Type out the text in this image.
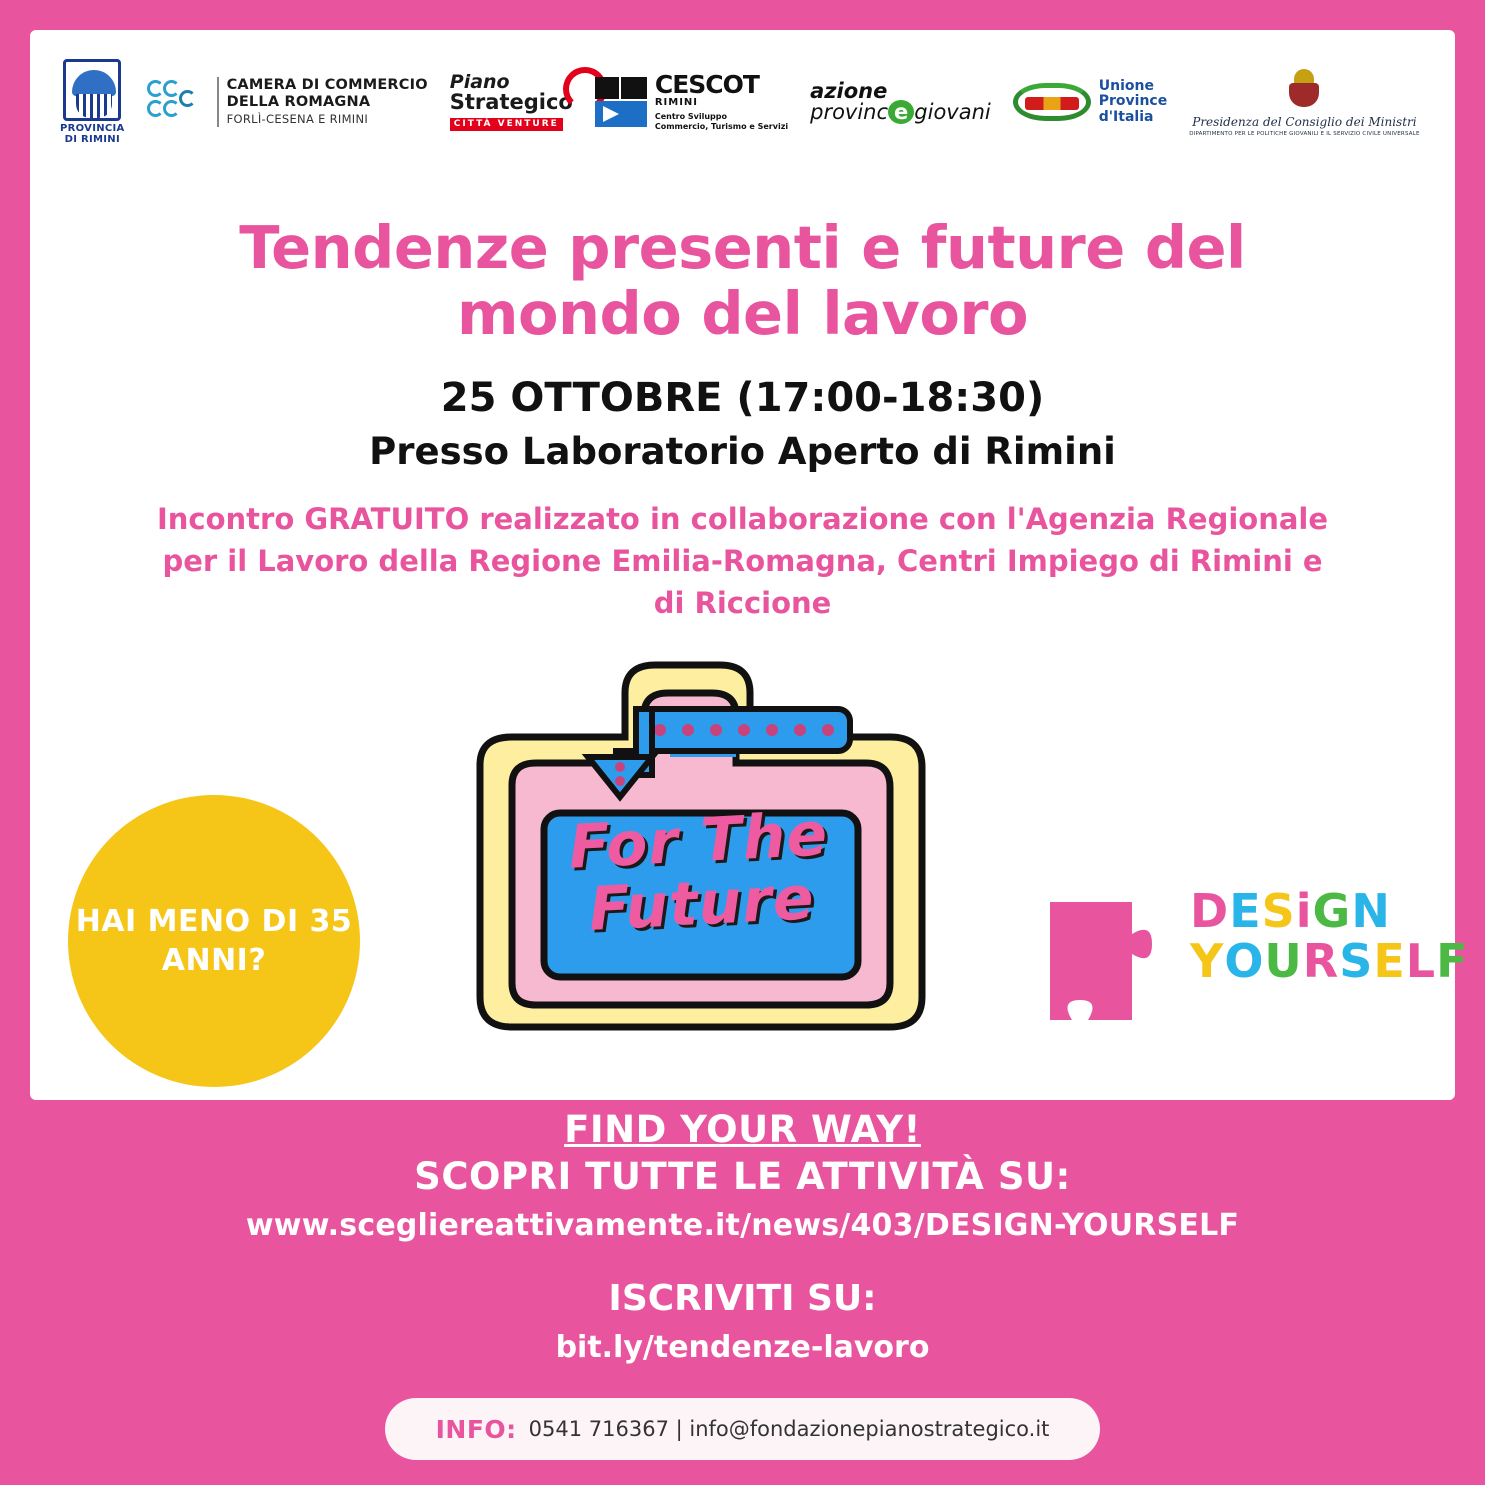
PROVINCIA
DI RIMINI
CAMERA DI COMMERCIO
DELLA ROMAGNA
FORLÌ-CESENA E RIMINI
Piano
Strategico
CITTÀ VENTURE
CESCOT
RIMINI
Centro Sviluppo
Commercio, Turismo e Servizi
azione
provinc e giovani
Unione
Province
d'Italia	Presidenza del Consiglio dei Ministri
DIPARTIMENTO PER LE POLITICHE GIOVANILI E IL SERVIZIO CIVILE UNIVERSALE
Tendenze presenti e future del mondo del lavoro
25 OTTOBRE (17:00-18:30)
Presso Laboratorio Aperto di Rimini
Incontro GRATUITO realizzato in collaborazione con l'Agenzia Regionale per il Lavoro della Regione Emilia-Romagna, Centri Impiego di Rimini e di Riccione
HAI MENO DI 35 ANNI?
For The
Future	DESiGN
YOURSELF
FIND YOUR WAY!
SCOPRI TUTTE LE ATTIVITÀ SU:
www.scegliereattivamente.it/news/403/DESIGN-YOURSELF
ISCRIVITI SU:
bit.ly/tendenze-lavoro
INFO: 0541 716367 | info@fondazionepianostrategico.it
